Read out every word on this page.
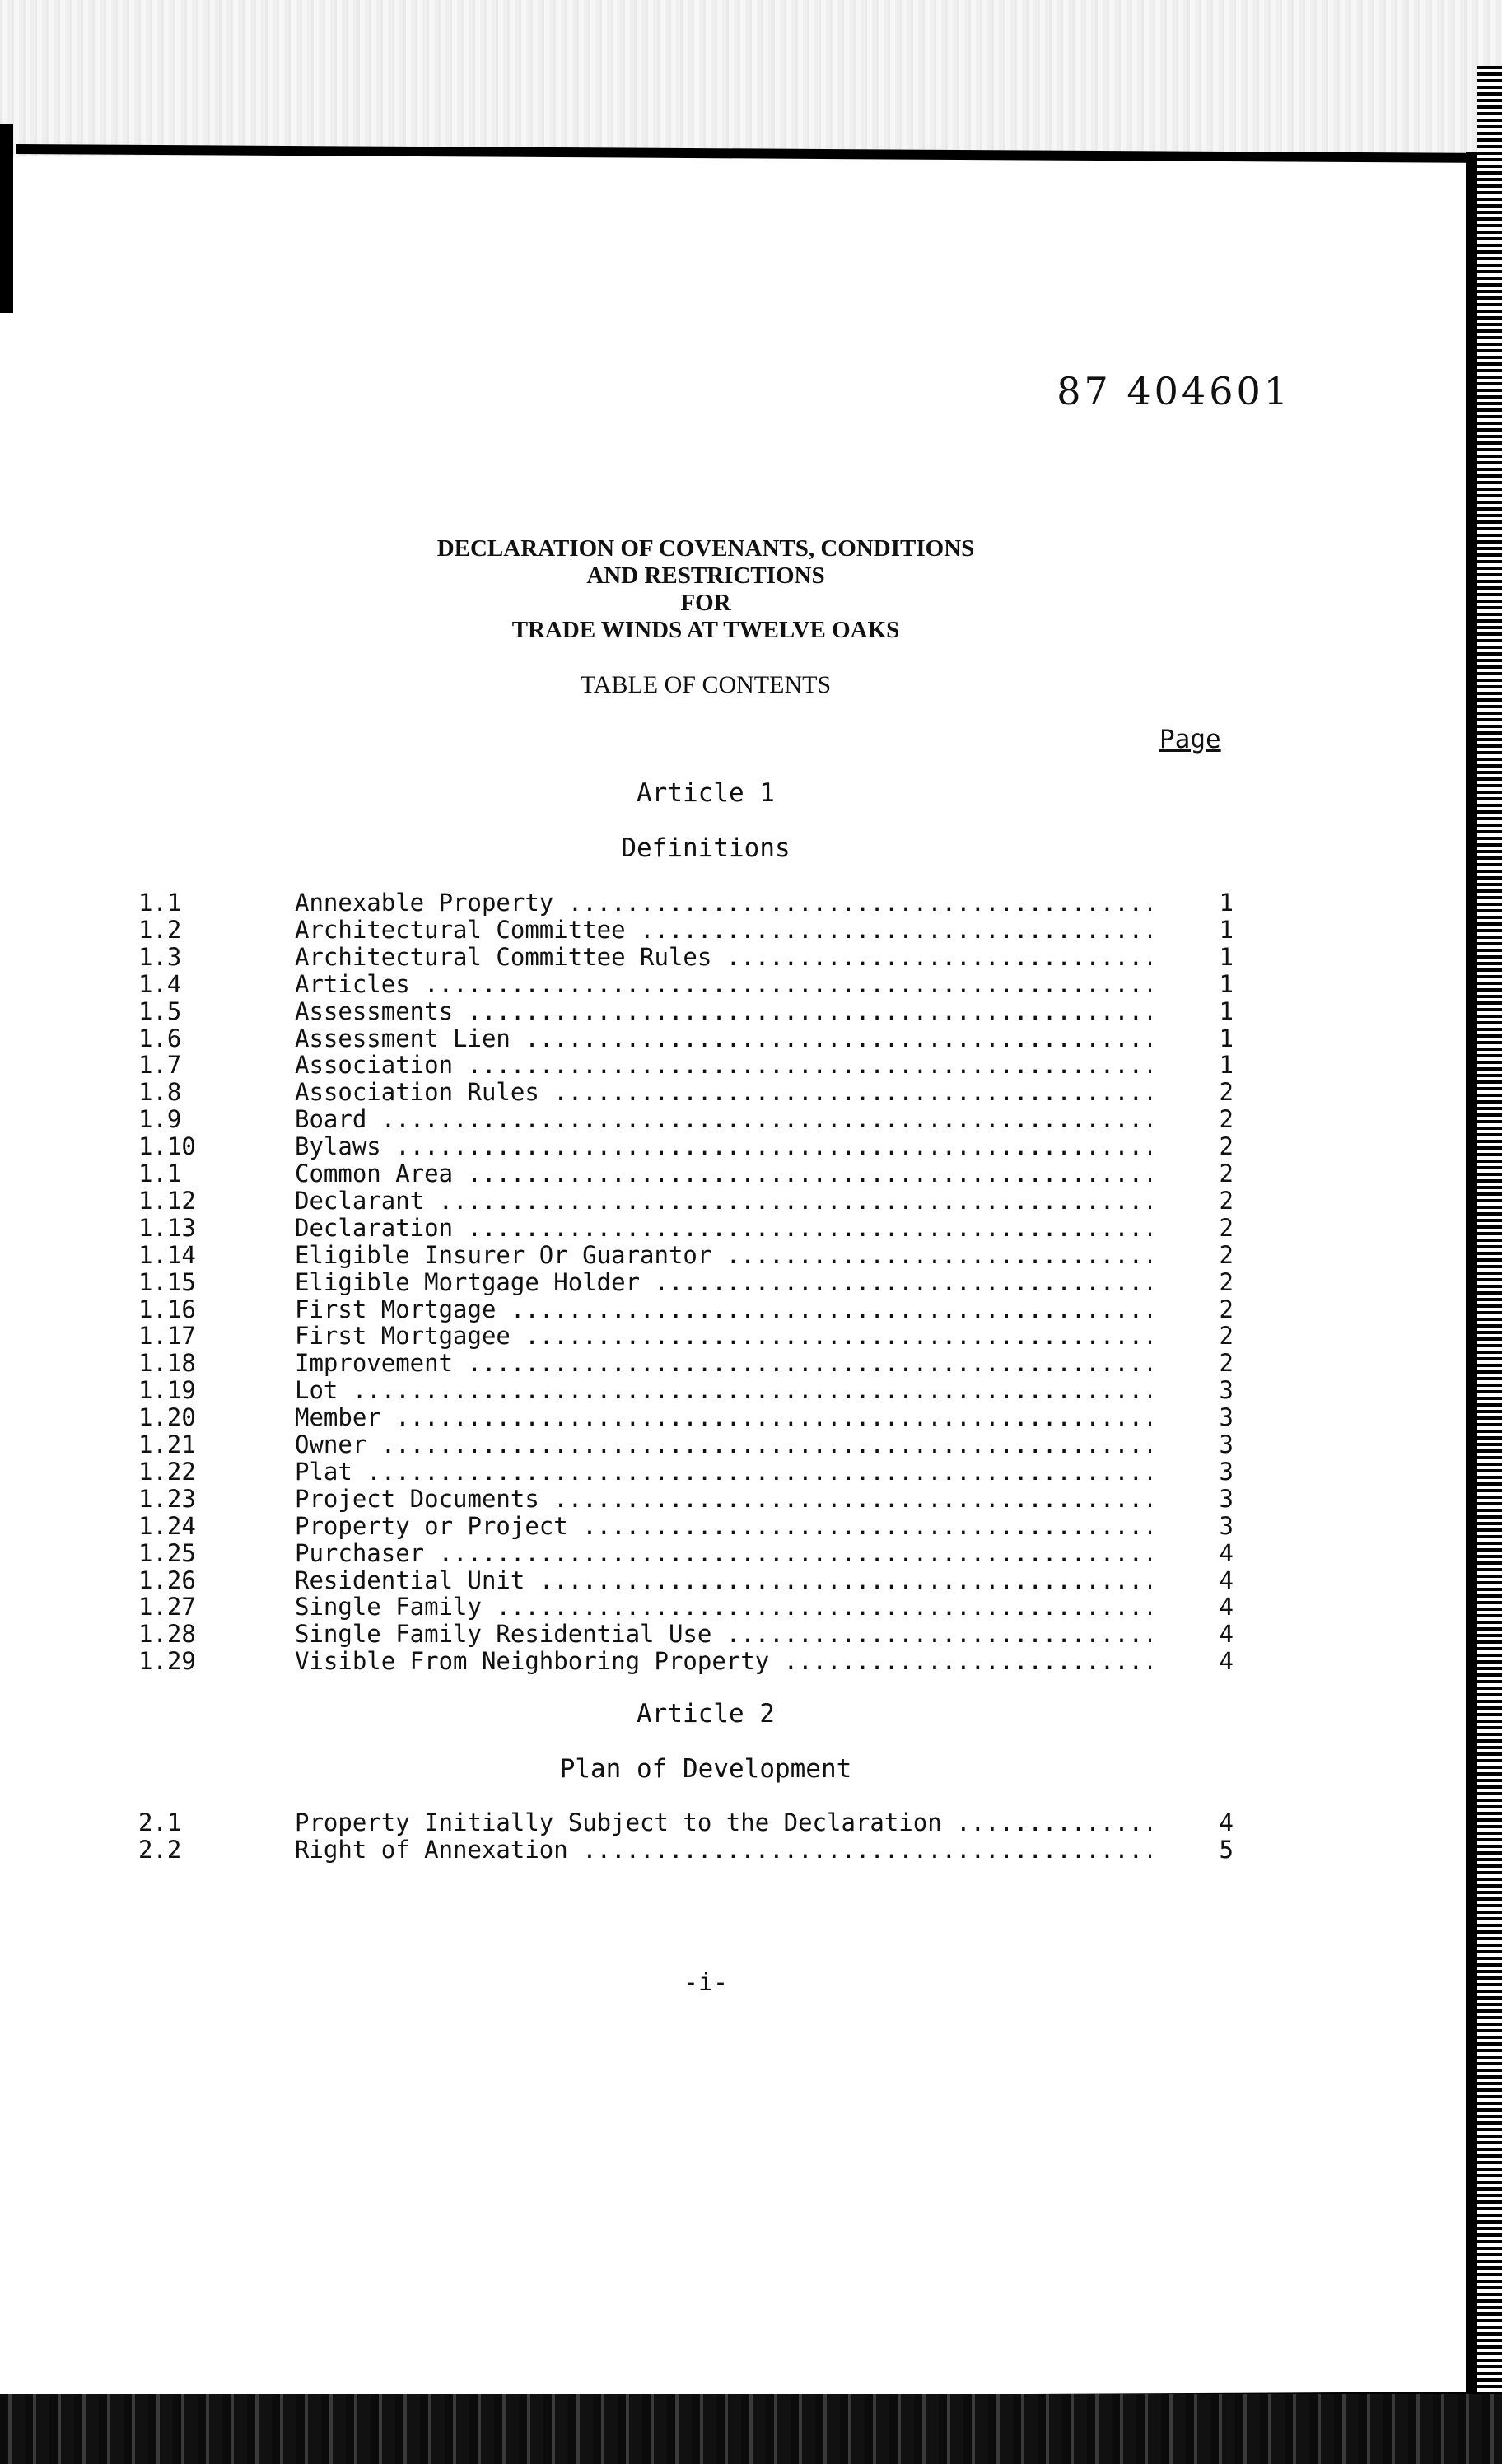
87 404601
DECLARATION OF COVENANTS, CONDITIONS
AND RESTRICTIONS
FOR
TRADE WINDS AT TWELVE OAKS
TABLE OF CONTENTS
Page
Article 1
Definitions
1.1	Annexable Property .....	1
1.2	Architectural Committee .....	1
1.3	Architectural Committee Rules .....	1
1.4	Articles .....	1
1.5	Assessments .....	1
1.6	Assessment Lien .....	1
1.7	Association .....	1
1.8	Association Rules .....	2
1.9	Board .....	2
1.10	Bylaws .....	2
1.1	Common Area .....	2
1.12	Declarant .....	2
1.13	Declaration .....	2
1.14	Eligible Insurer Or Guarantor .....	2
1.15	Eligible Mortgage Holder .....	2
1.16	First Mortgage .....	2
1.17	First Mortgagee .....	2
1.18	Improvement .....	2
1.19	Lot .....	3
1.20	Member .....	3
1.21	Owner .....	3
1.22	Plat .....	3
1.23	Project Documents .....	3
1.24	Property or Project .....	3
1.25	Purchaser .....	4
1.26	Residential Unit .....	4
1.27	Single Family .....	4
1.28	Single Family Residential Use .....	4
1.29	Visible From Neighboring Property .....	4
Article 2
Plan of Development
2.1	Property Initially Subject to the Declaration .....	4
2.2	Right of Annexation .....	5
-i-
